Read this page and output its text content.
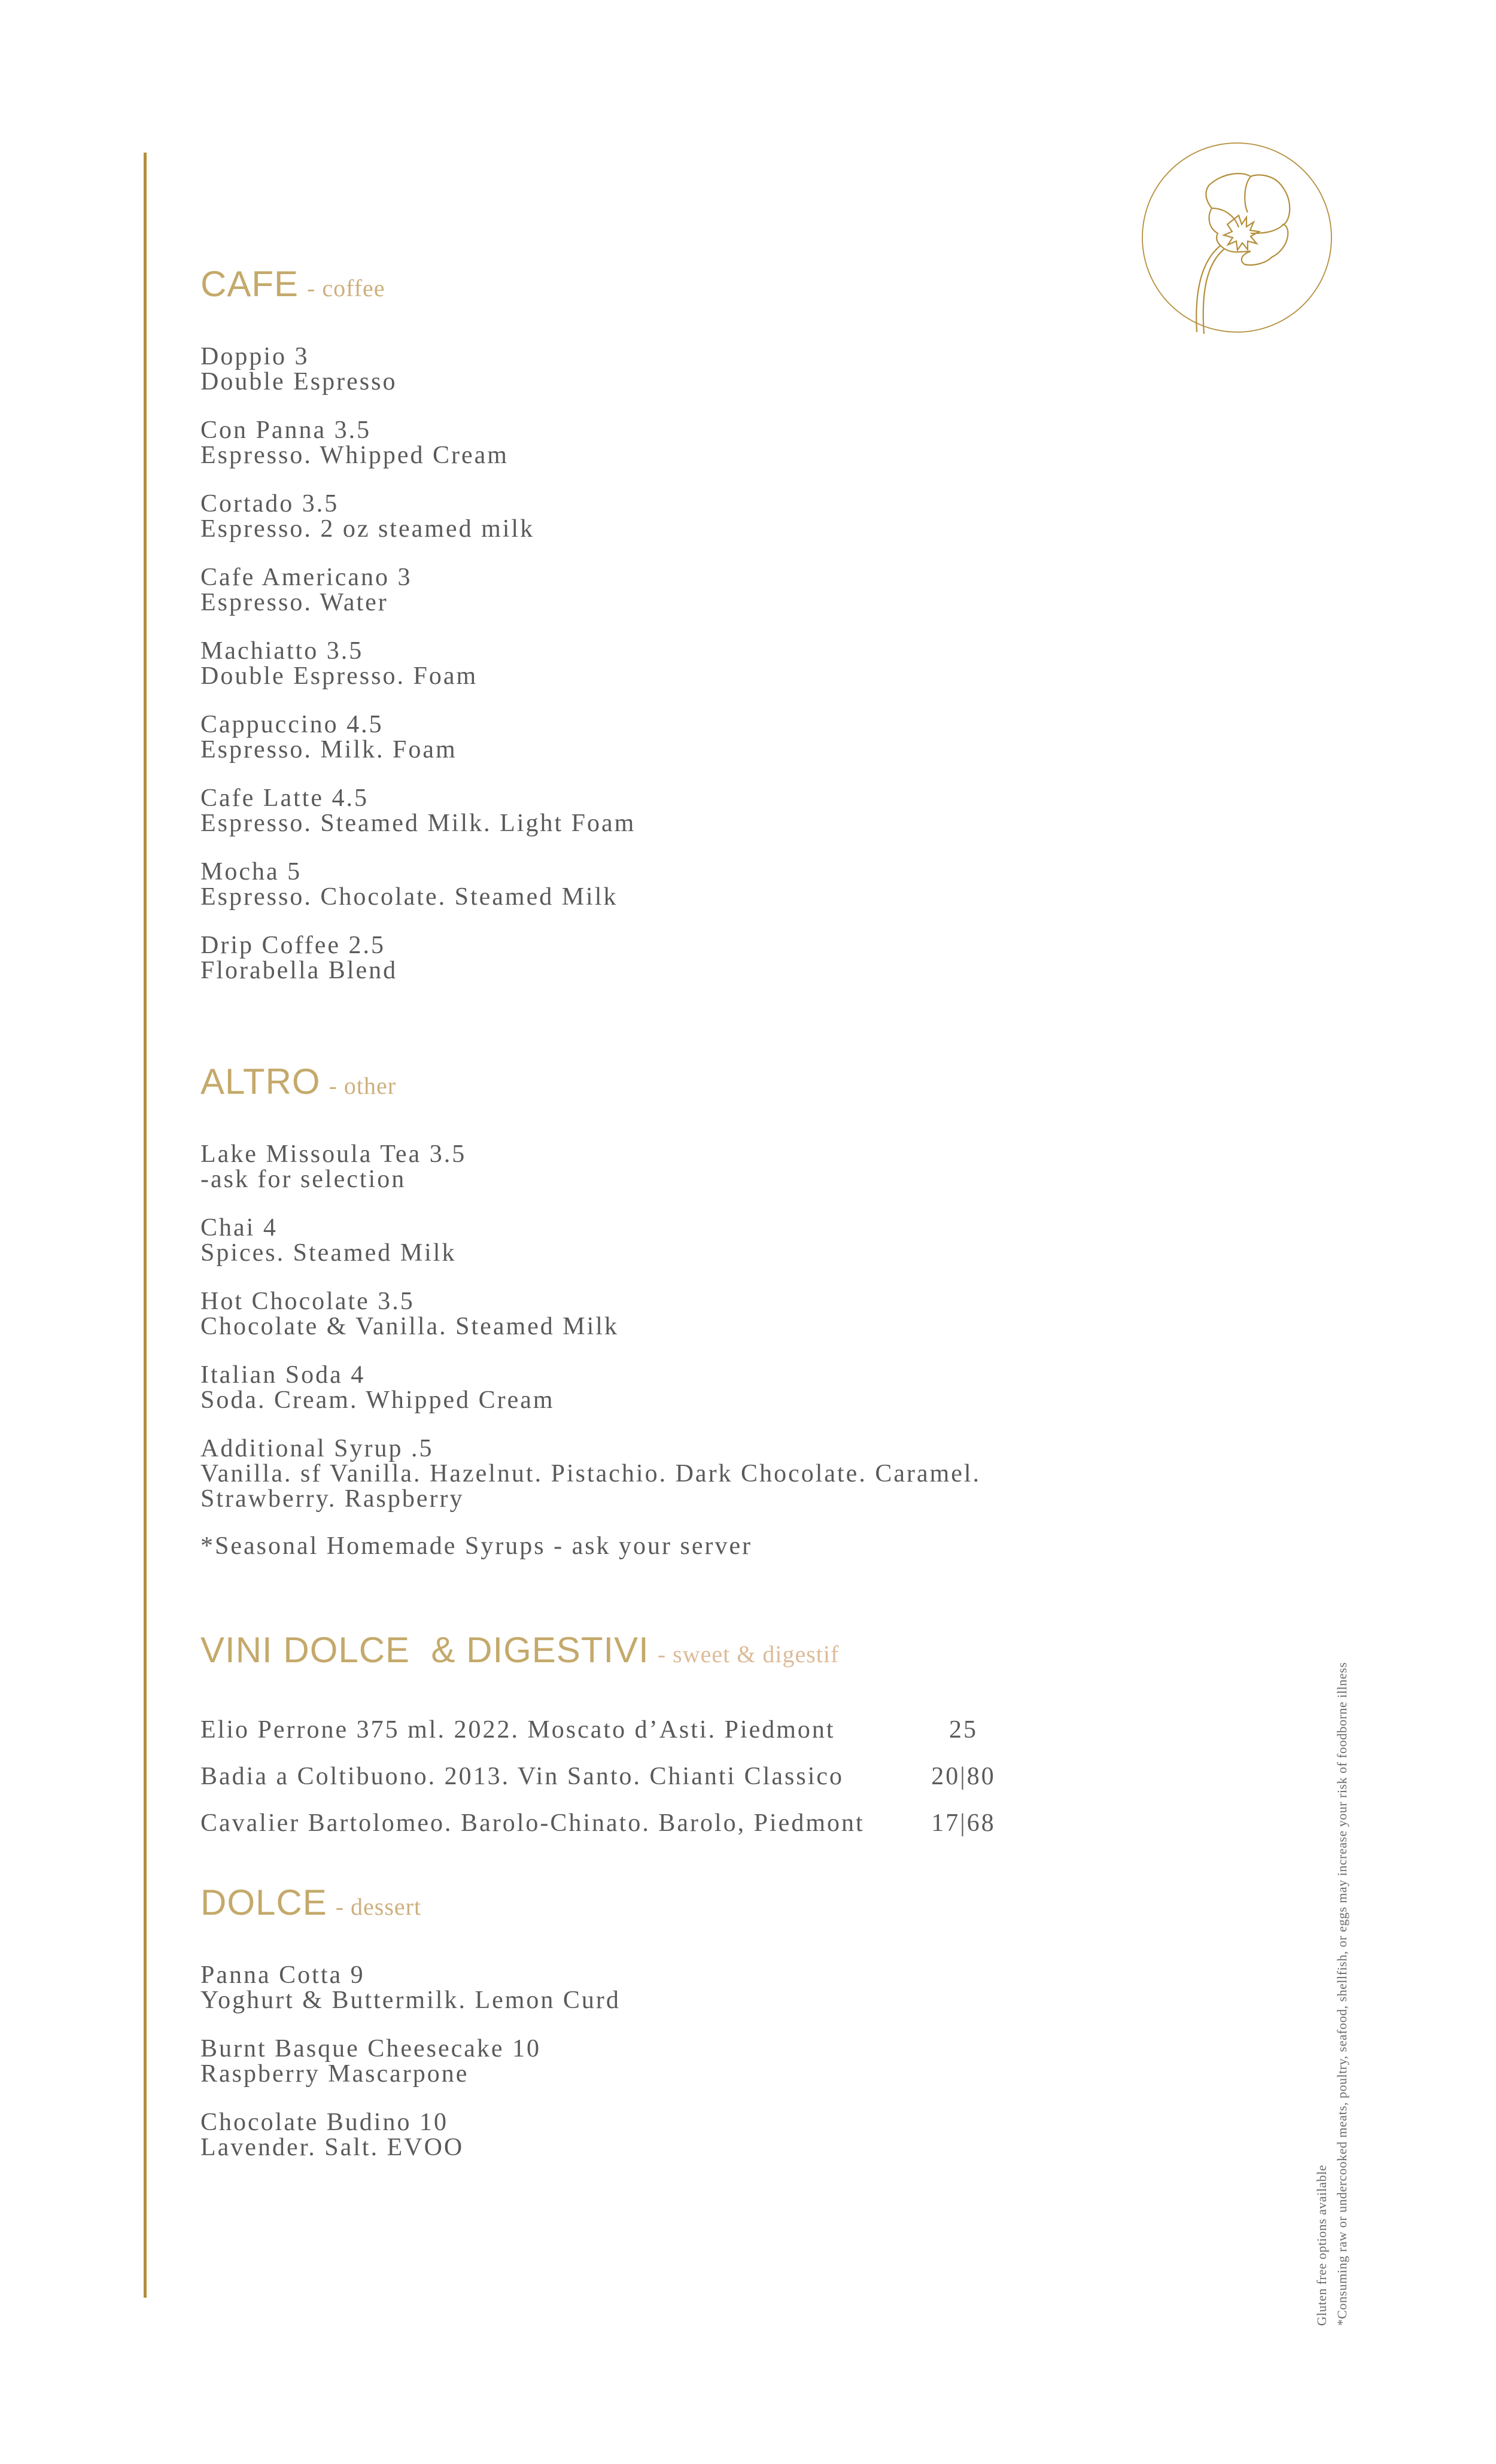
CAFE - coffee
Doppio 3
Double Espresso
Con Panna 3.5
Espresso. Whipped Cream
Cortado 3.5
Espresso. 2 oz steamed milk
Cafe Americano 3
Espresso. Water
Machiatto 3.5
Double Espresso. Foam
Cappuccino 4.5
Espresso. Milk. Foam
Cafe Latte 4.5
Espresso. Steamed Milk. Light Foam
Mocha 5
Espresso. Chocolate. Steamed Milk
Drip Coffee 2.5
Florabella Blend
ALTRO - other
Lake Missoula Tea 3.5
-ask for selection
Chai 4
Spices. Steamed Milk
Hot Chocolate 3.5
Chocolate & Vanilla. Steamed Milk
Italian Soda 4
Soda. Cream. Whipped Cream
Additional Syrup .5
Vanilla. sf Vanilla. Hazelnut. Pistachio. Dark Chocolate. Caramel.
Strawberry. Raspberry
*Seasonal Homemade Syrups - ask your server
VINI DOLCE  & DIGESTIVI - sweet & digestif
Elio Perrone 375 ml. 2022. Moscato d’Asti. Piedmont	25
Badia a Coltibuono. 2013. Vin Santo. Chianti Classico	20|80
Cavalier Bartolomeo. Barolo-Chinato. Barolo, Piedmont	17|68
DOLCE - dessert
Panna Cotta 9
Yoghurt & Buttermilk. Lemon Curd
Burnt Basque Cheesecake 10
Raspberry Mascarpone
Chocolate Budino 10
Lavender. Salt. EVOO
Gluten free options available *Consuming raw or undercooked meats, poultry, seafood, shellfish, or eggs may increase your risk of foodborne illness
